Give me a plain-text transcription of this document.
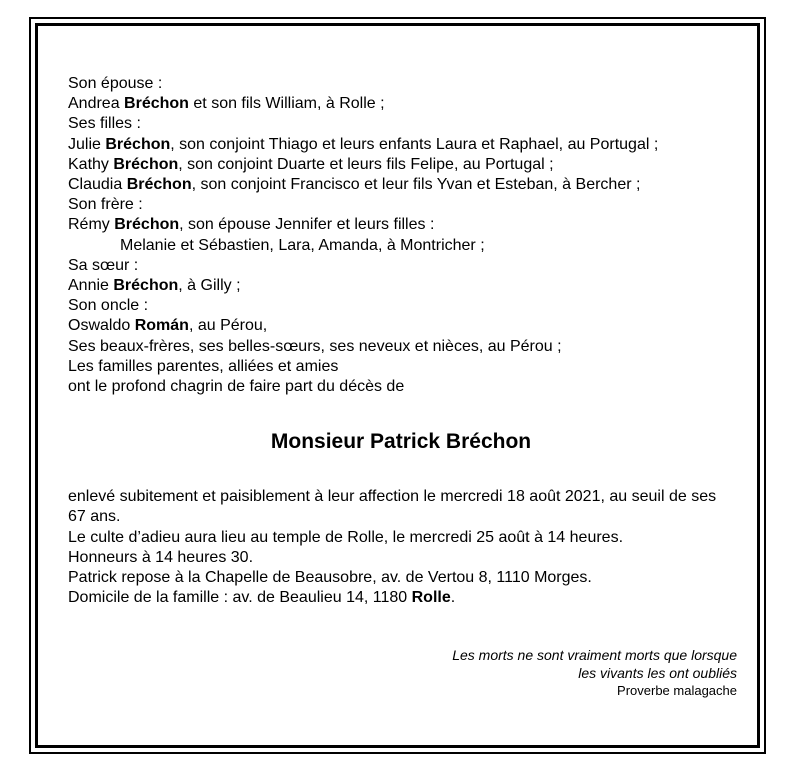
Son épouse :
Andrea Bréchon et son fils William, à Rolle ;
Ses filles :
Julie Bréchon, son conjoint Thiago et leurs enfants Laura et Raphael, au Portugal ;
Kathy Bréchon, son conjoint Duarte et leurs fils Felipe, au Portugal ;
Claudia Bréchon, son conjoint Francisco et leur fils Yvan et Esteban, à Bercher ;
Son frère :
Rémy Bréchon, son épouse Jennifer et leurs filles :
Melanie et Sébastien, Lara, Amanda, à Montricher ;
Sa sœur :
Annie Bréchon, à Gilly ;
Son oncle :
Oswaldo Román, au Pérou,
Ses beaux-frères, ses belles-sœurs, ses neveux et nièces, au Pérou ;
Les familles parentes, alliées et amies
ont le profond chagrin de faire part du décès de
Monsieur Patrick Bréchon
enlevé subitement et paisiblement à leur affection le mercredi 18 août 2021, au seuil de ses 67 ans.
Le culte d’adieu aura lieu au temple de Rolle, le mercredi 25 août à 14 heures.
Honneurs à 14 heures 30.
Patrick repose à la Chapelle de Beausobre, av. de Vertou 8, 1110 Morges.
Domicile de la famille : av. de Beaulieu 14, 1180 Rolle.
Les morts ne sont vraiment morts que lorsque
les vivants les ont oubliés
Proverbe malagache
